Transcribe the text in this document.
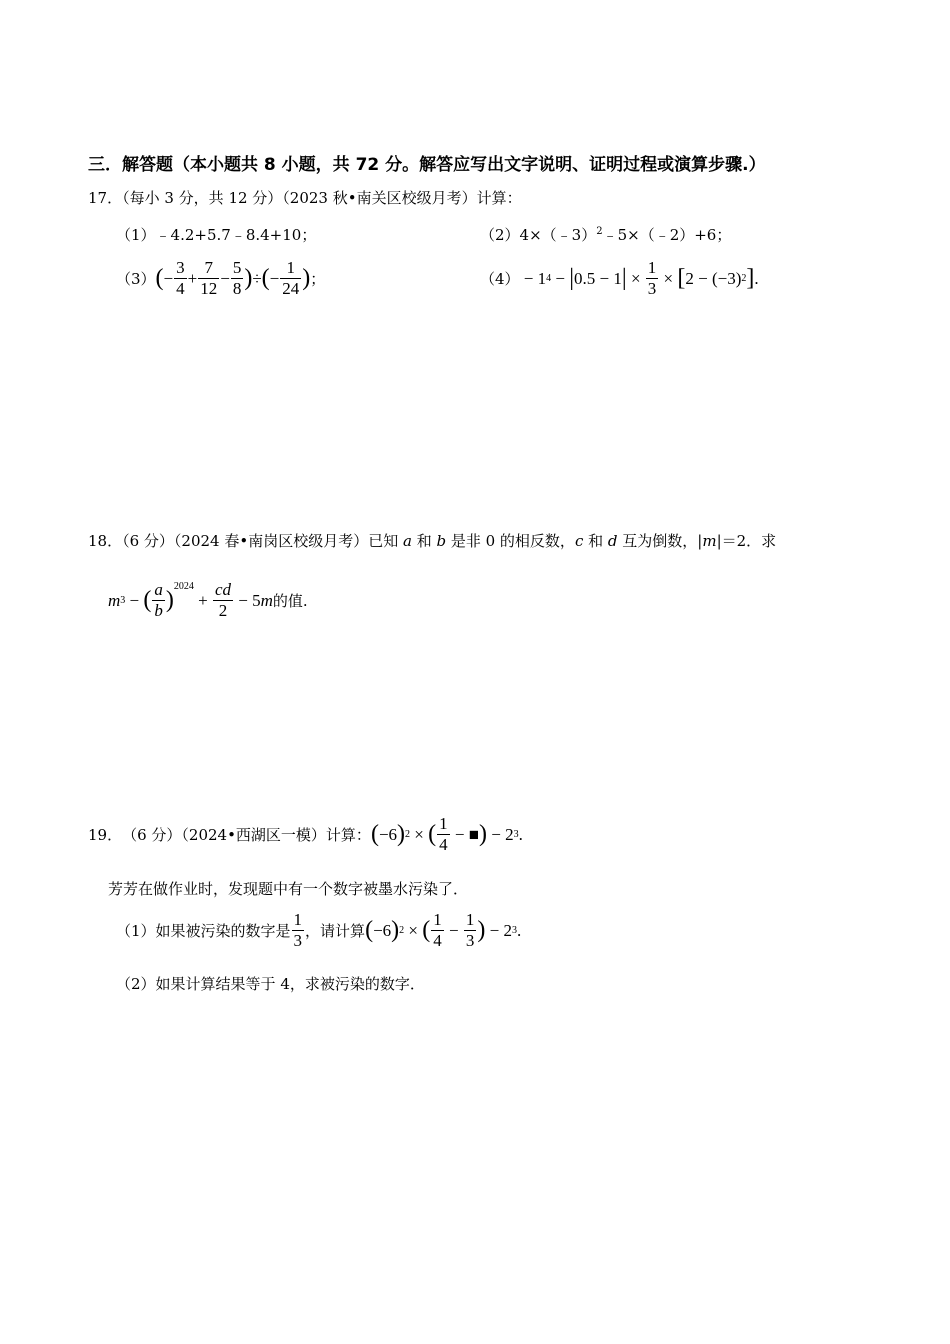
三．解答题（本小题共 8 小题，共 72 分。解答应写出文字说明、证明过程或演算步骤.）
17．（每小 3 分，共 12 分）（2023 秋•南关区校级月考）计算：
（1）﹣4.2+5.7﹣8.4+10；	（2）4×（﹣3）$^2$﹣5×（﹣2）+6；
（3） ( − $\frac{3}{4} + \frac{7}{12} - \frac{5}{8}$ ) ÷ ( − $\frac{1}{24}$ ) ；	（4） − 1 4 − | 0.5 − 1 | × $\frac{1}{3}$ × [ 2 − (−3) 2 ] .
18．（6 分）（2024 春•南岗区校级月考）已知 a 和 b 是非 0 的相反数，c 和 d 互为倒数，|m|＝2．求
m 3 − ( $\frac{a}{b}$ )
$^{2024}$
+ $\frac{cd}{2} - 5$ m 的值.
19． （6 分）（2024•西湖区一模）计算： ( −6 ) 2 × ( $\frac{1}{4}$ − ■ ) − 2 3 .
芳芳在做作业时，发现题中有一个数字被墨水污染了．
（1）如果被污染的数字是 $\frac{1}{3}$ ，请计算 ( −6 ) 2 × ( $\frac{1}{4} - \frac{1}{3}$ ) − 2 3 .
（2）如果计算结果等于 4，求被污染的数字．
